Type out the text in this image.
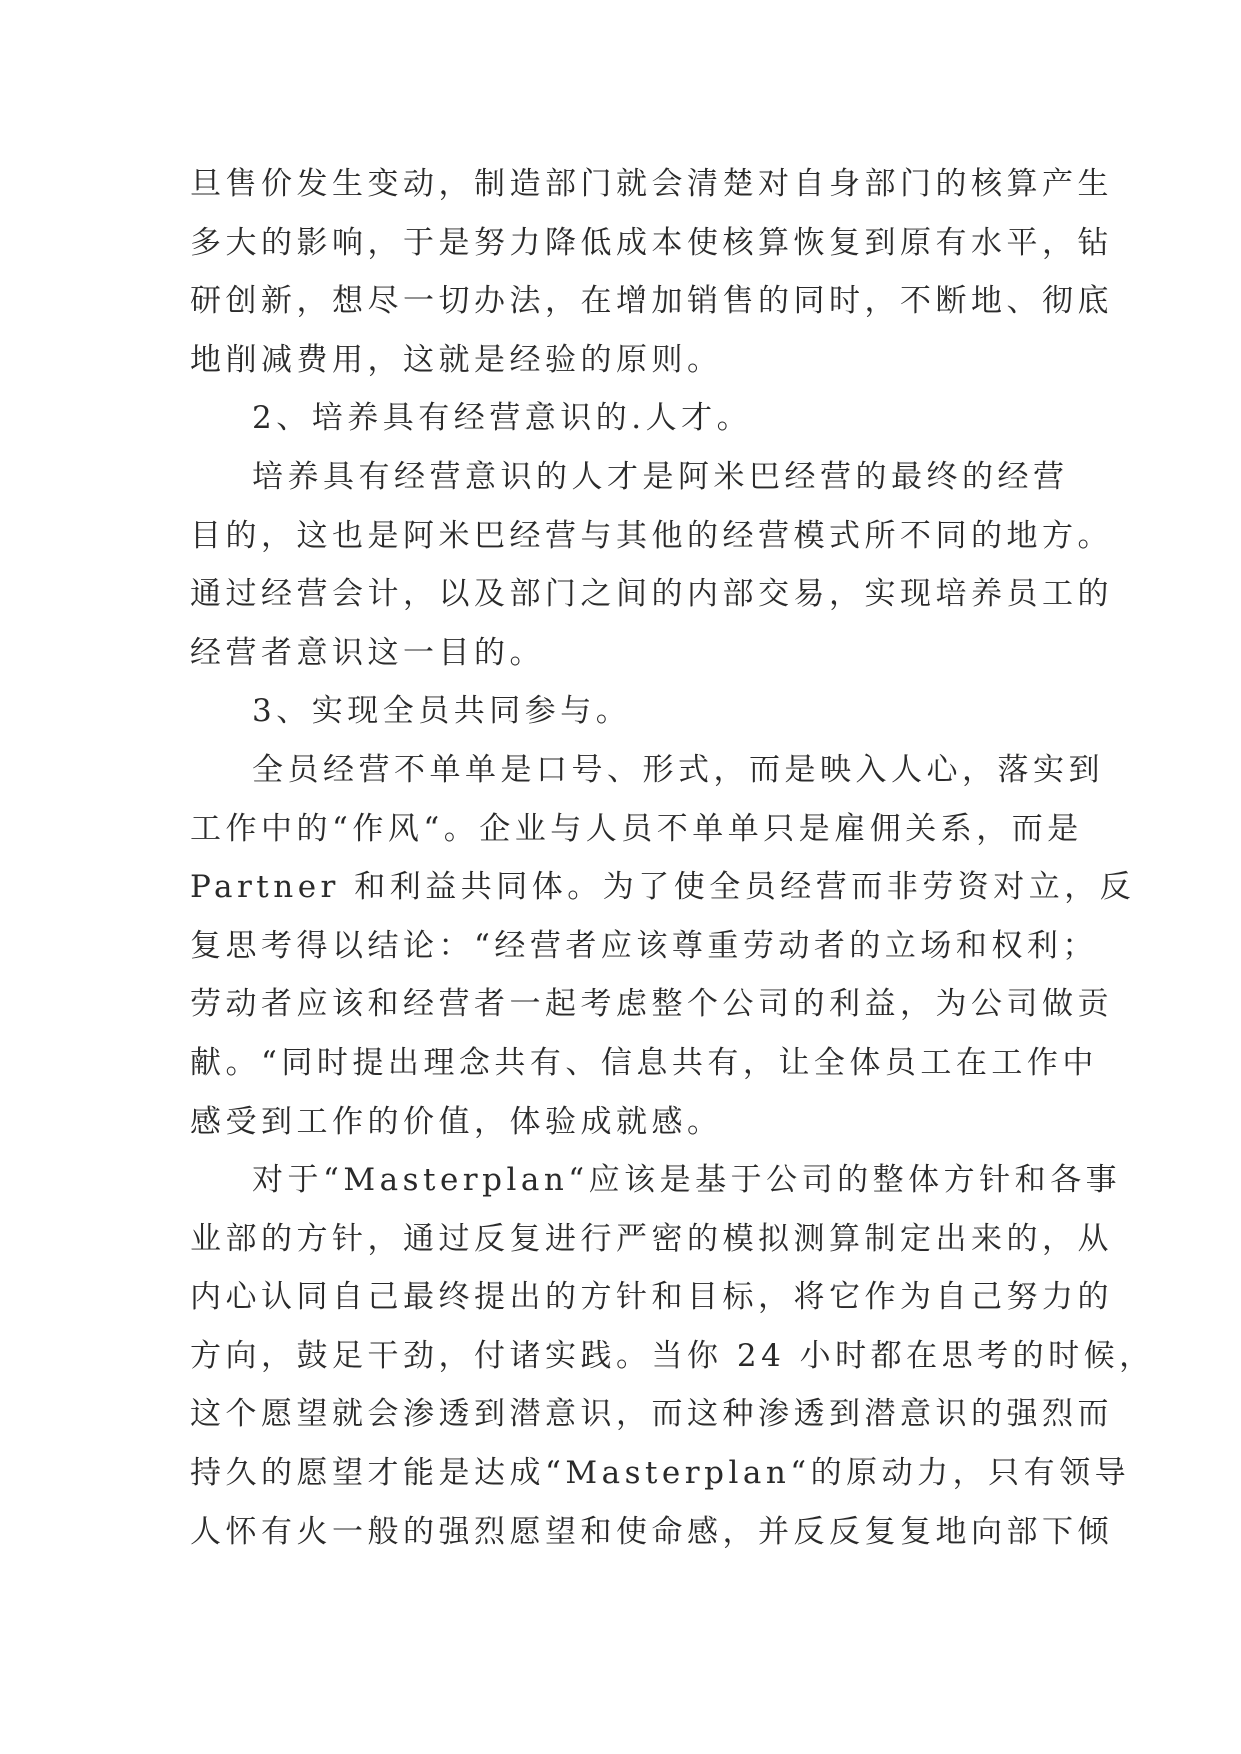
旦售价发生变动，制造部门就会清楚对自身部门的核算产生
多大的影响，于是努力降低成本使核算恢复到原有水平，钻
研创新，想尽一切办法，在增加销售的同时，不断地、彻底
地削减费用，这就是经验的原则。
2、培养具有经营意识的.人才。
培养具有经营意识的人才是阿米巴经营的最终的经营
目的，这也是阿米巴经营与其他的经营模式所不同的地方。
通过经营会计，以及部门之间的内部交易，实现培养员工的
经营者意识这一目的。
3、实现全员共同参与。
全员经营不单单是口号、形式，而是映入人心，落实到
工作中的“作风“。企业与人员不单单只是雇佣关系，而是
Partner 和利益共同体。为了使全员经营而非劳资对立，反
复思考得以结论：“经营者应该尊重劳动者的立场和权利；
劳动者应该和经营者一起考虑整个公司的利益，为公司做贡
献。“同时提出理念共有、信息共有，让全体员工在工作中
感受到工作的价值，体验成就感。
对于“Masterplan“应该是基于公司的整体方针和各事
业部的方针，通过反复进行严密的模拟测算制定出来的，从
内心认同自己最终提出的方针和目标，将它作为自己努力的
方向，鼓足干劲，付诸实践。当你 24 小时都在思考的时候，
这个愿望就会渗透到潜意识，而这种渗透到潜意识的强烈而
持久的愿望才能是达成“Masterplan“的原动力，只有领导
人怀有火一般的强烈愿望和使命感，并反反复复地向部下倾
